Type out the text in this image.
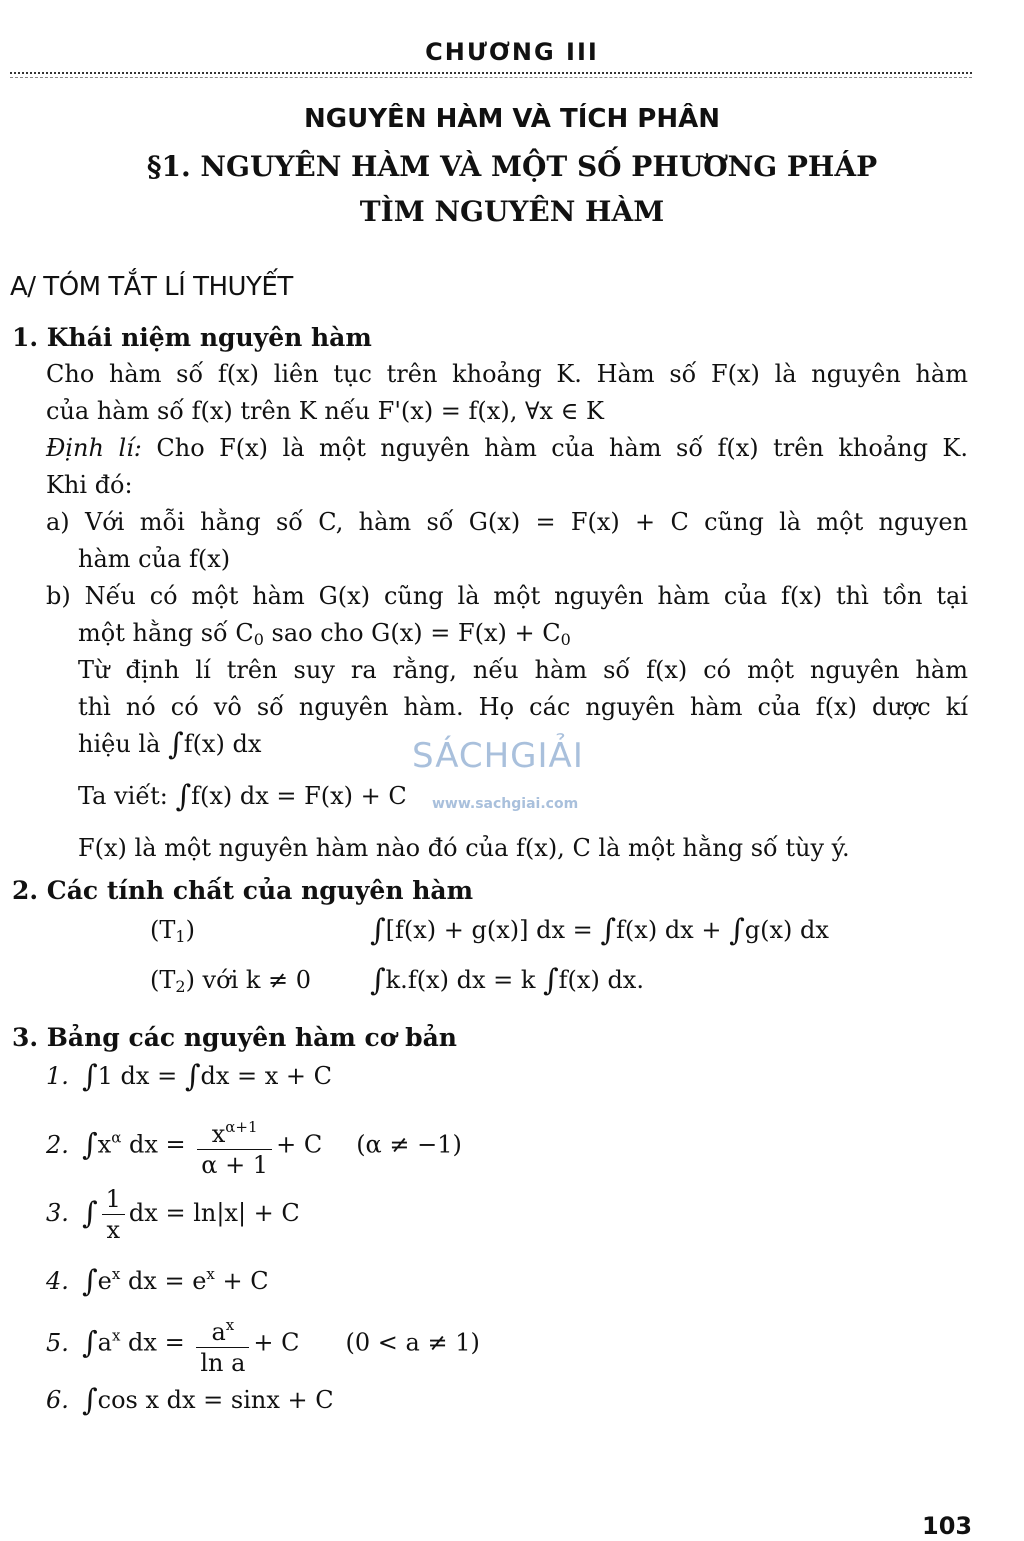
CHƯƠNG III
NGUYÊN HÀM VÀ TÍCH PHÂN
§1. NGUYÊN HÀM VÀ MỘT SỐ PHƯƠNG PHÁP
TÌM NGUYÊN HÀM
A/ TÓM TẮT LÍ THUYẾT
1. Khái niệm nguyên hàm
Cho hàm số f(x) liên tục trên khoảng K. Hàm số F(x) là nguyên hàm
của hàm số f(x) trên K nếu F'(x) = f(x), ∀x ∈ K
Định lí: Cho F(x) là một nguyên hàm của hàm số f(x) trên khoảng K.
Khi đó:
a) Với mỗi hằng số C, hàm số G(x) = F(x) + C cũng là một nguyen
hàm của f(x)
b) Nếu có một hàm G(x) cũng là một nguyên hàm của f(x) thì tồn tại
một hằng số $C_0$ sao cho $G(x) = F(x) + C_0$
Từ định lí trên suy ra rằng, nếu hàm số f(x) có một nguyên hàm
thì nó có vô số nguyên hàm. Họ các nguyên hàm của f(x) dược kí
hiệu là ∫f(x) dx
Ta viết: ∫f(x) dx = F(x) + C
F(x) là một nguyên hàm nào đó của f(x), C là một hằng số tùy ý.
2. Các tính chất của nguyên hàm
$(T_1)$	∫[f(x) + g(x)] dx = ∫f(x) dx + ∫g(x) dx
$(T_2)$ với k ≠ 0 ∫k.f(x) dx = k ∫f(x) dx.
3. Bảng các nguyên hàm cơ bản
1. ∫1 dx = ∫dx = x + C
2. $\int x^\alpha$ dx = $\frac{x^{\alpha+1}}{\alpha + 1} + C$ (α ≠ −1)
3. ∫ $\frac{1}{x}$ dx = ln|x| + C
4. $\int e^x$ dx = $e^x + C$
5. $\int a^x$ dx = $\frac{a^x}{\text{ln a}} + C$ (0 < a ≠ 1)
6. ∫cos x dx = sinx + C
SÁCHGIẢI
www.sachgiai.com
103
